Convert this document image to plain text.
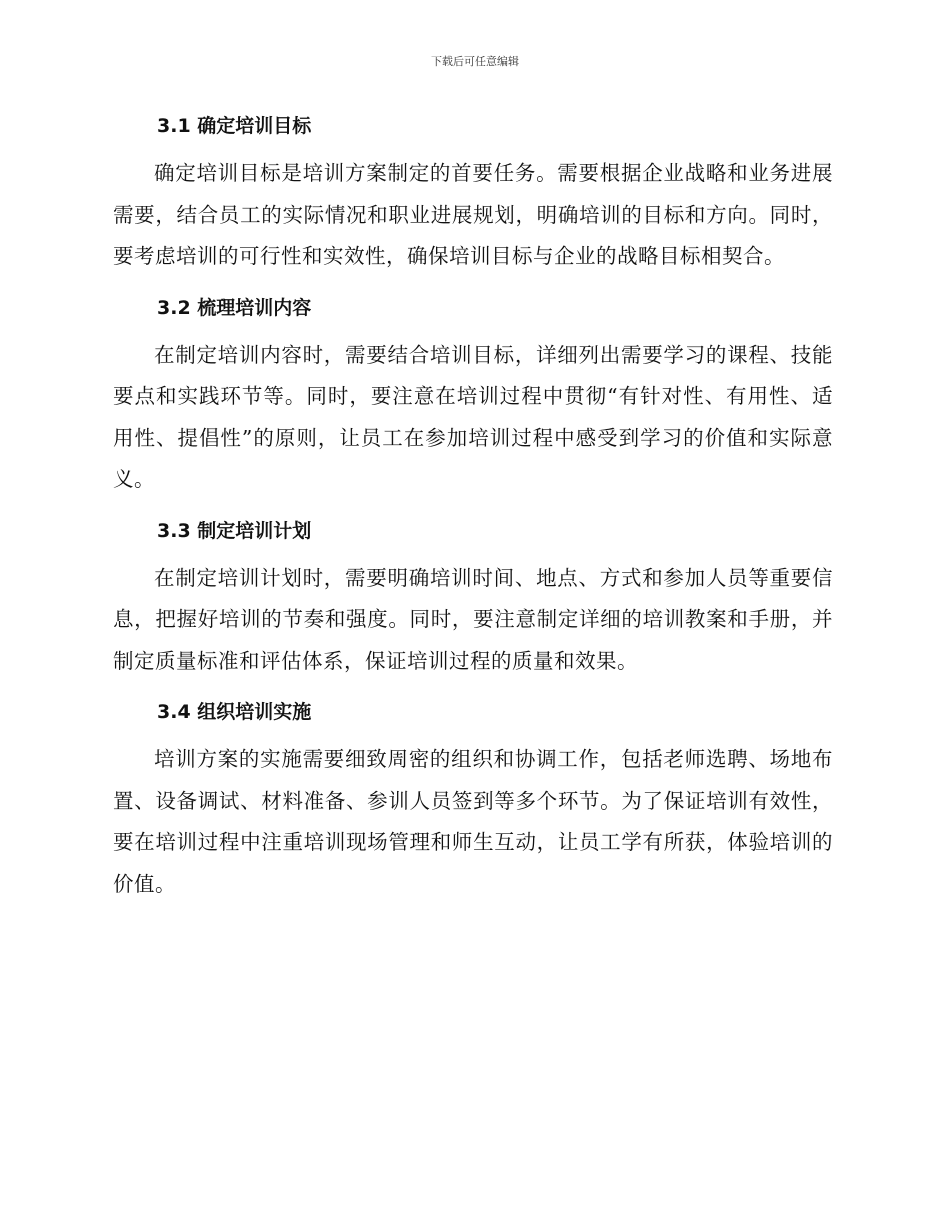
下载后可任意编辑
3.1 确定培训目标

确定培训目标是培训方案制定的首要任务。需要根据企业战略和业务进展需要，结合员工的实际情况和职业进展规划，明确培训的目标和方向。同时，要考虑培训的可行性和实效性，确保培训目标与企业的战略目标相契合。

3.2 梳理培训内容

在制定培训内容时，需要结合培训目标，详细列出需要学习的课程、技能要点和实践环节等。同时，要注意在培训过程中贯彻“有针对性、有用性、适用性、提倡性”的原则，让员工在参加培训过程中感受到学习的价值和实际意义。

3.3 制定培训计划

在制定培训计划时，需要明确培训时间、地点、方式和参加人员等重要信息，把握好培训的节奏和强度。同时，要注意制定详细的培训教案和手册，并制定质量标准和评估体系，保证培训过程的质量和效果。

3.4 组织培训实施

培训方案的实施需要细致周密的组织和协调工作，包括老师选聘、场地布置、设备调试、材料准备、参训人员签到等多个环节。为了保证培训有效性，要在培训过程中注重培训现场管理和师生互动，让员工学有所获，体验培训的价值。
